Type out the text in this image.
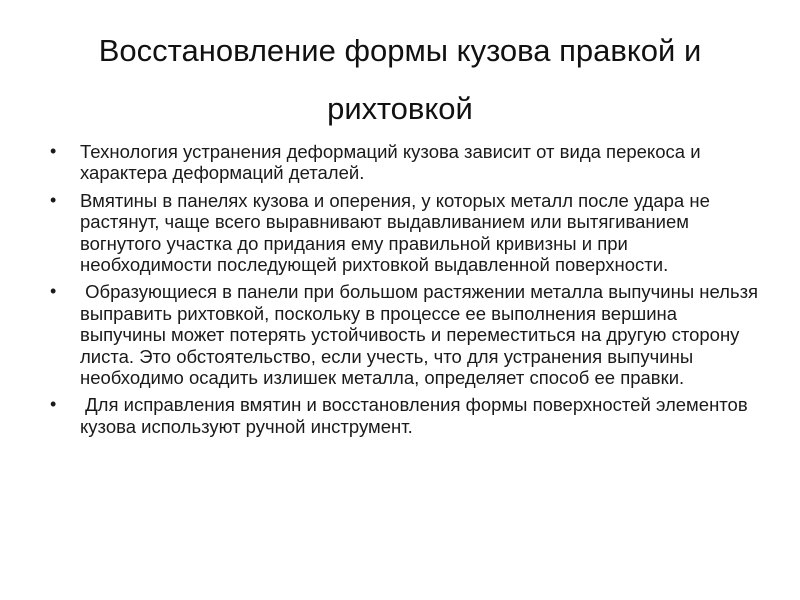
Восстановление формы кузова правкой и рихтовкой
• Технология устранения деформаций кузова зависит от вида перекоса и характера деформаций деталей.
• Вмятины в панелях кузова и оперения, у которых металл после удара не растянут, чаще всего выравнивают выдавливанием или вытягиванием вогнутого участка до придания ему правильной кривизны и при необходимости последующей рихтовкой выдавленной поверхности.
• Образующиеся в панели при большом растяжении металла выпучины нельзя выправить рихтовкой, поскольку в процессе ее выполнения вершина выпучины может потерять устойчивость и переместиться на другую сторону листа. Это обстоятельство, если учесть, что для устранения выпучины необходимо осадить излишек металла, определяет способ ее правки.
• Для исправления вмятин и восстановления формы поверхностей элементов кузова используют ручной инструмент.
